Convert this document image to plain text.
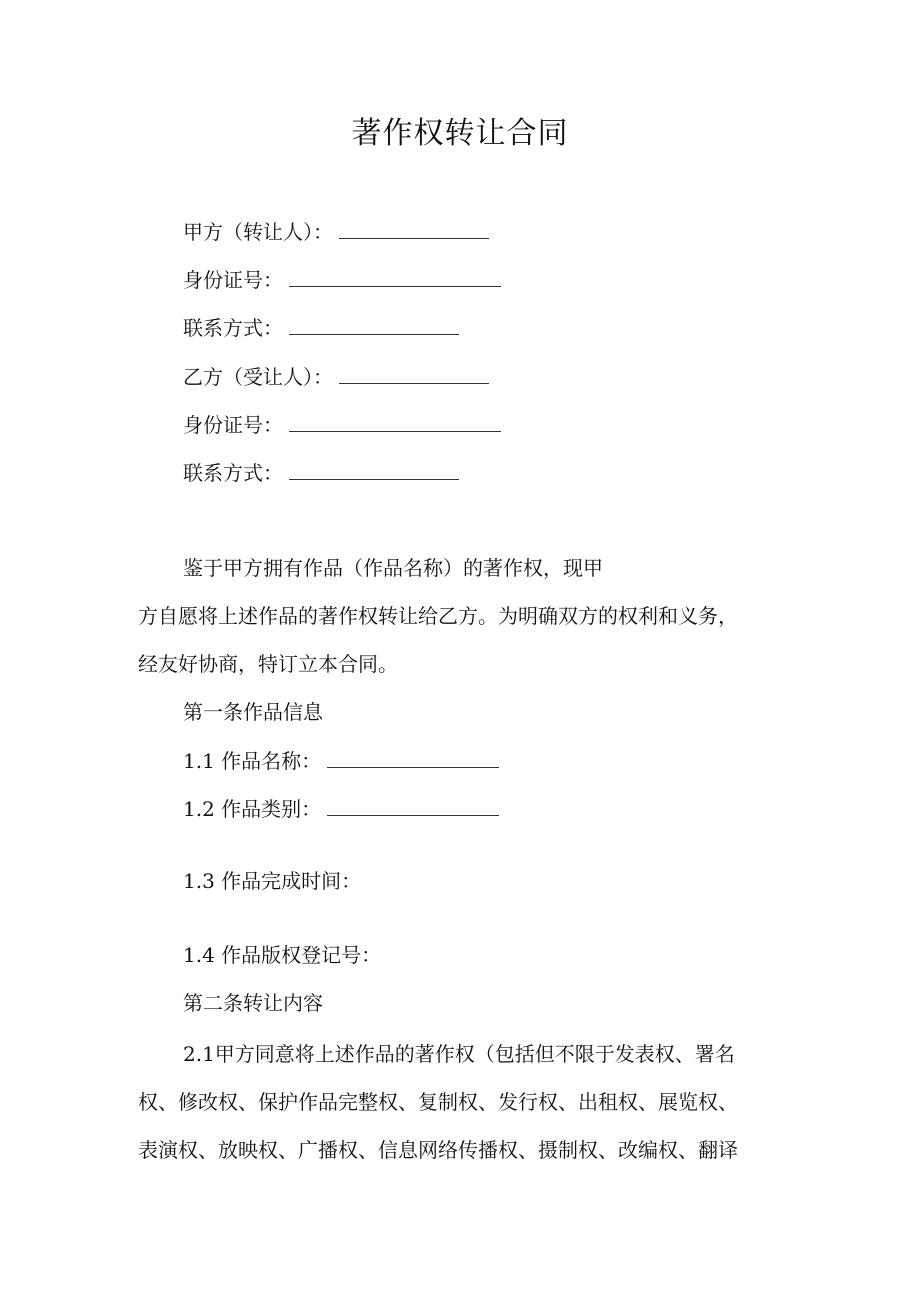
著作权转让合同
甲方（转让人）：
身份证号：
联系方式：
乙方（受让人）：
身份证号：
联系方式：
鉴于甲方拥有作品（作品名称）的著作权，现甲
方自愿将上述作品的著作权转让给乙方。为明确双方的权利和义务，
经友好协商，特订立本合同。
第一条作品信息
1.1 作品名称：
1.2 作品类别：
1.3 作品完成时间：
1.4 作品版权登记号：
第二条转让内容
2.1甲方同意将上述作品的著作权（包括但不限于发表权、署名
权、修改权、保护作品完整权、复制权、发行权、出租权、展览权、
表演权、放映权、广播权、信息网络传播权、摄制权、改编权、翻译
